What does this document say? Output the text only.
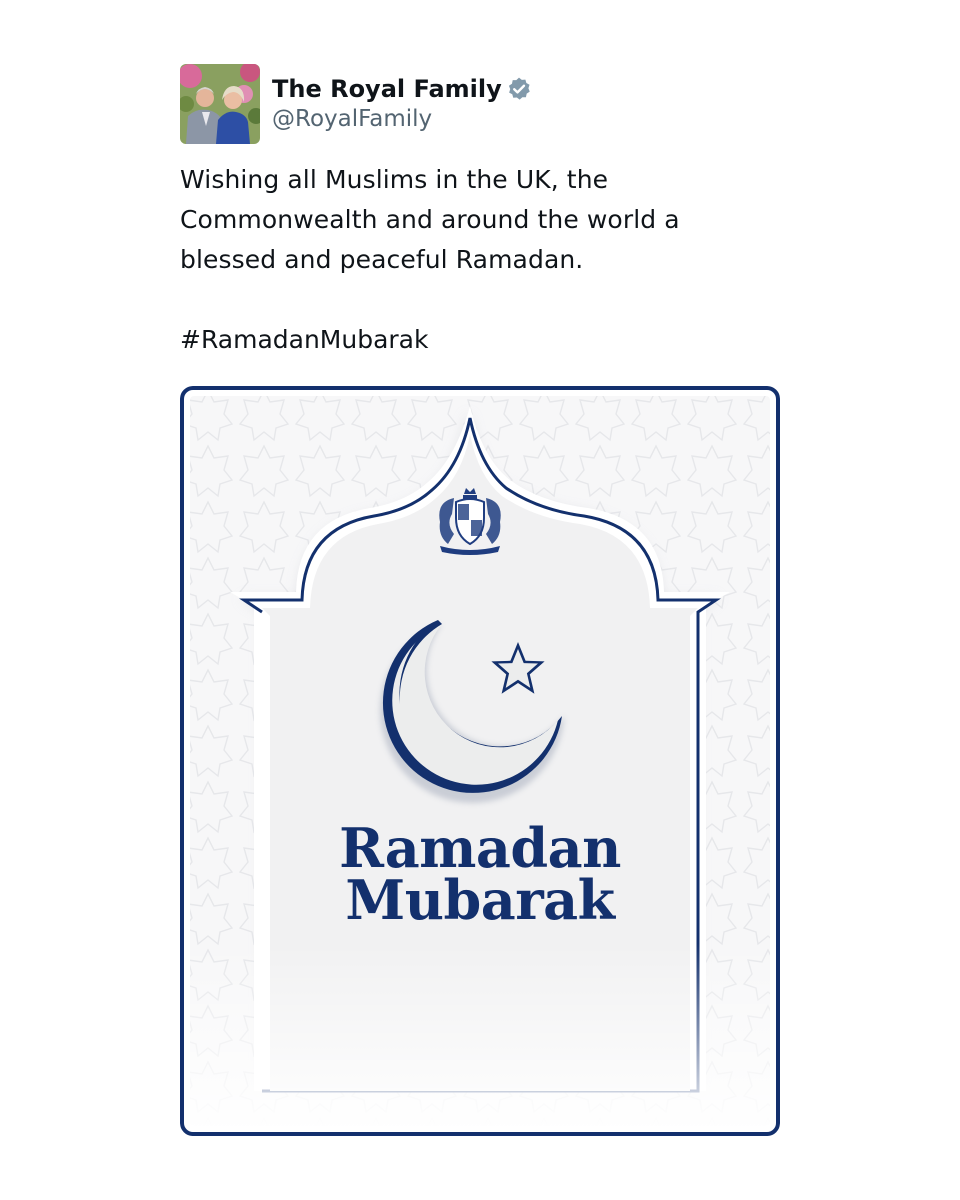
The Royal Family
@RoyalFamily
Wishing all Muslims in the UK, the
Commonwealth and around the world a
blessed and peaceful Ramadan.
#RamadanMubarak
Ramadan
Mubarak
